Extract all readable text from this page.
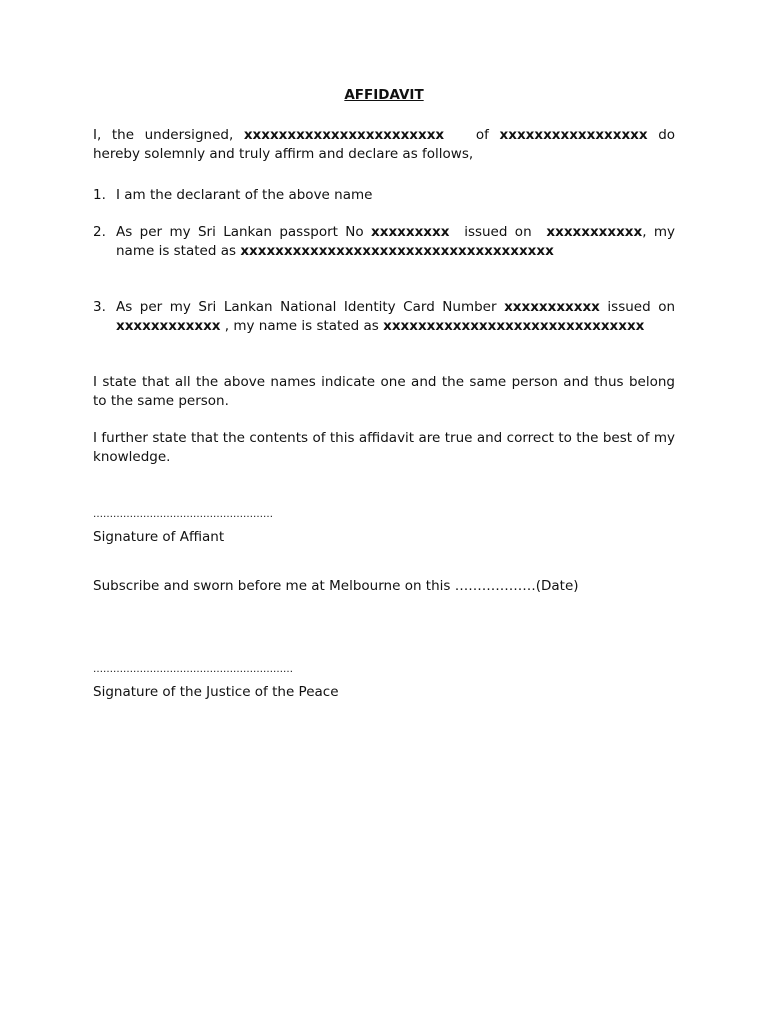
AFFIDAVIT

I, the undersigned, xxxxxxxxxxxxxxxxxxxxxxx of xxxxxxxxxxxxxxxxx do hereby solemnly and truly affirm and declare as follows,

1. I am the declarant of the above name
2. As per my Sri Lankan passport No xxxxxxxxx issued on xxxxxxxxxxx, my name is stated as xxxxxxxxxxxxxxxxxxxxxxxxxxxxxxxxxxxx
3. As per my Sri Lankan National Identity Card Number xxxxxxxxxxx issued on xxxxxxxxxxxx , my name is stated as xxxxxxxxxxxxxxxxxxxxxxxxxxxxxx

I state that all the above names indicate one and the same person and thus belong to the same person.

I further state that the contents of this affidavit are true and correct to the best of my knowledge.

………………………………………………

Signature of Affiant

Subscribe and sworn before me at Melbourne on this ………………(Date)

……………………………………………………

Signature of the Justice of the Peace
